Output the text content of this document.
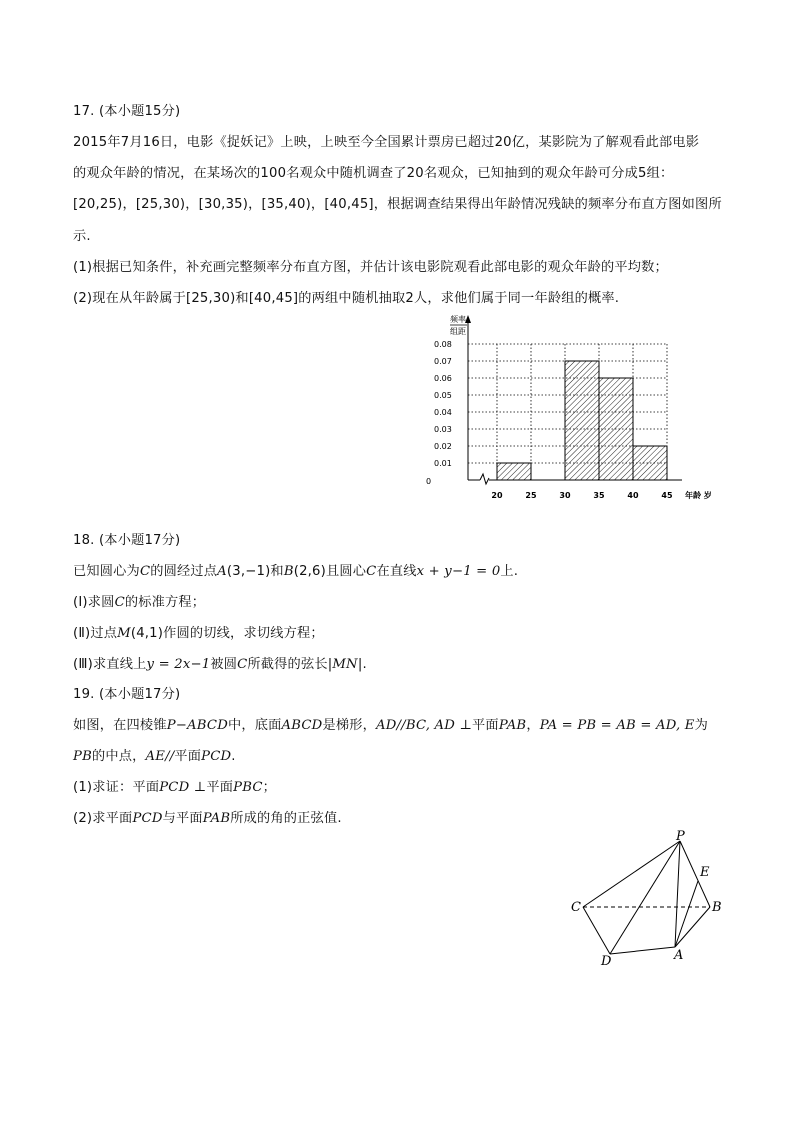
17. (本小题15分)
2015年7月16日，电影《捉妖记》上映，上映至今全国累计票房已超过20亿，某影院为了解观看此部电影
的观众年龄的情况，在某场次的100名观众中随机调查了20名观众，已知抽到的观众年龄可分成5组：
[20,25)，[25,30)，[30,35)，[35,40)，[40,45]，根据调查结果得出年龄情况残缺的频率分布直方图如图所
示.
(1)根据已知条件，补充画完整频率分布直方图，并估计该电影院观看此部电影的观众年龄的平均数；
(2)现在从年龄属于[25,30)和[40,45]的两组中随机抽取2人，求他们属于同一年龄组的概率.
0
频率
组距
年龄 岁
0.01
0.02
0.03
0.04
0.05
0.06
0.07
0.08
20	25	30	35	40	45
18. (本小题17分)
已知圆心为C的圆经过点A(3,−1)和B(2,6)且圆心C在直线x + y−1 = 0上.
(Ⅰ)求圆C的标准方程；
(Ⅱ)过点M(4,1)作圆的切线，求切线方程；
(Ⅲ)求直线上y = 2x−1被圆C所截得的弦长|MN|.
19. (本小题17分)
如图，在四棱锥P−ABCD中，底面ABCD是梯形，AD//BC, AD ⊥平面PAB，PA = PB = AB = AD, E为
PB的中点，AE//平面PCD.
(1)求证：平面PCD ⊥平面PBC；
(2)求平面PCD与平面PAB所成的角的正弦值.
P
E
C	B
D	A
